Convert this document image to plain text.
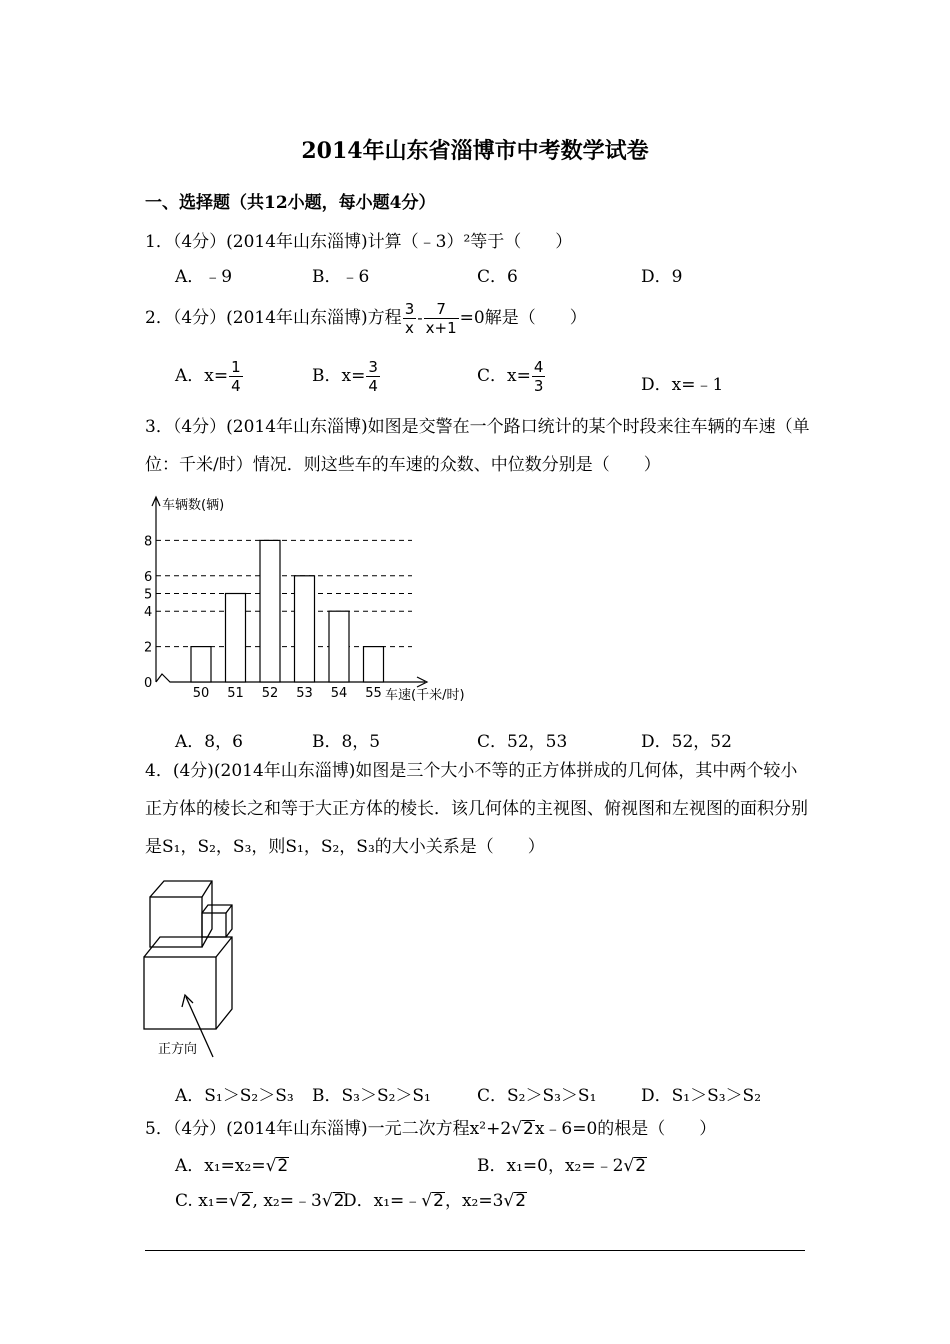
2014年山东省淄博市中考数学试卷
一、选择题（共12小题，每小题4分）
1．（4分）(2014年山东淄博)计算（﹣3）²等于（　　）
A．﹣9	B．﹣6	C．6	D．9
2．（4分）(2014年山东淄博)方程 $\frac{3}{x} - \frac{7}{x+1} =0$解是（　　）
A．$x= \frac{1}{4}$	B．$x= \frac{3}{4}$	C．$x= \frac{4}{3}$	D．x=﹣1
3．（4分）(2014年山东淄博)如图是交警在一个路口统计的某个时段来往车辆的车速（单位：千米/时）情况．则这些车的车速的众数、中位数分别是（　　）
0
2
4
5
6
8
50 51 52 53 54 55
车辆数(辆)
车速(千米/时)
A．8，6	B．8，5	C．52，53	D．52，52
4．(4分)(2014年山东淄博)如图是三个大小不等的正方体拼成的几何体，其中两个较小正方体的棱长之和等于大正方体的棱长．该几何体的主视图、俯视图和左视图的面积分别是S₁，S₂，S₃，则S₁，S₂，S₃的大小关系是（　　）
正方向
A．S₁＞S₂＞S₃ B．S₃＞S₂＞S₁	C．S₂＞S₃＞S₁	D．S₁＞S₃＞S₂
5．（4分）(2014年山东淄博)一元二次方程x²+2√2x﹣6=0的根是（　　）
A．x₁=x₂=√2	B．x₁=0，x₂=﹣2√2
C. x₁=√2, x₂=﹣3√2
D．x₁=﹣√2，x₂=3√2
